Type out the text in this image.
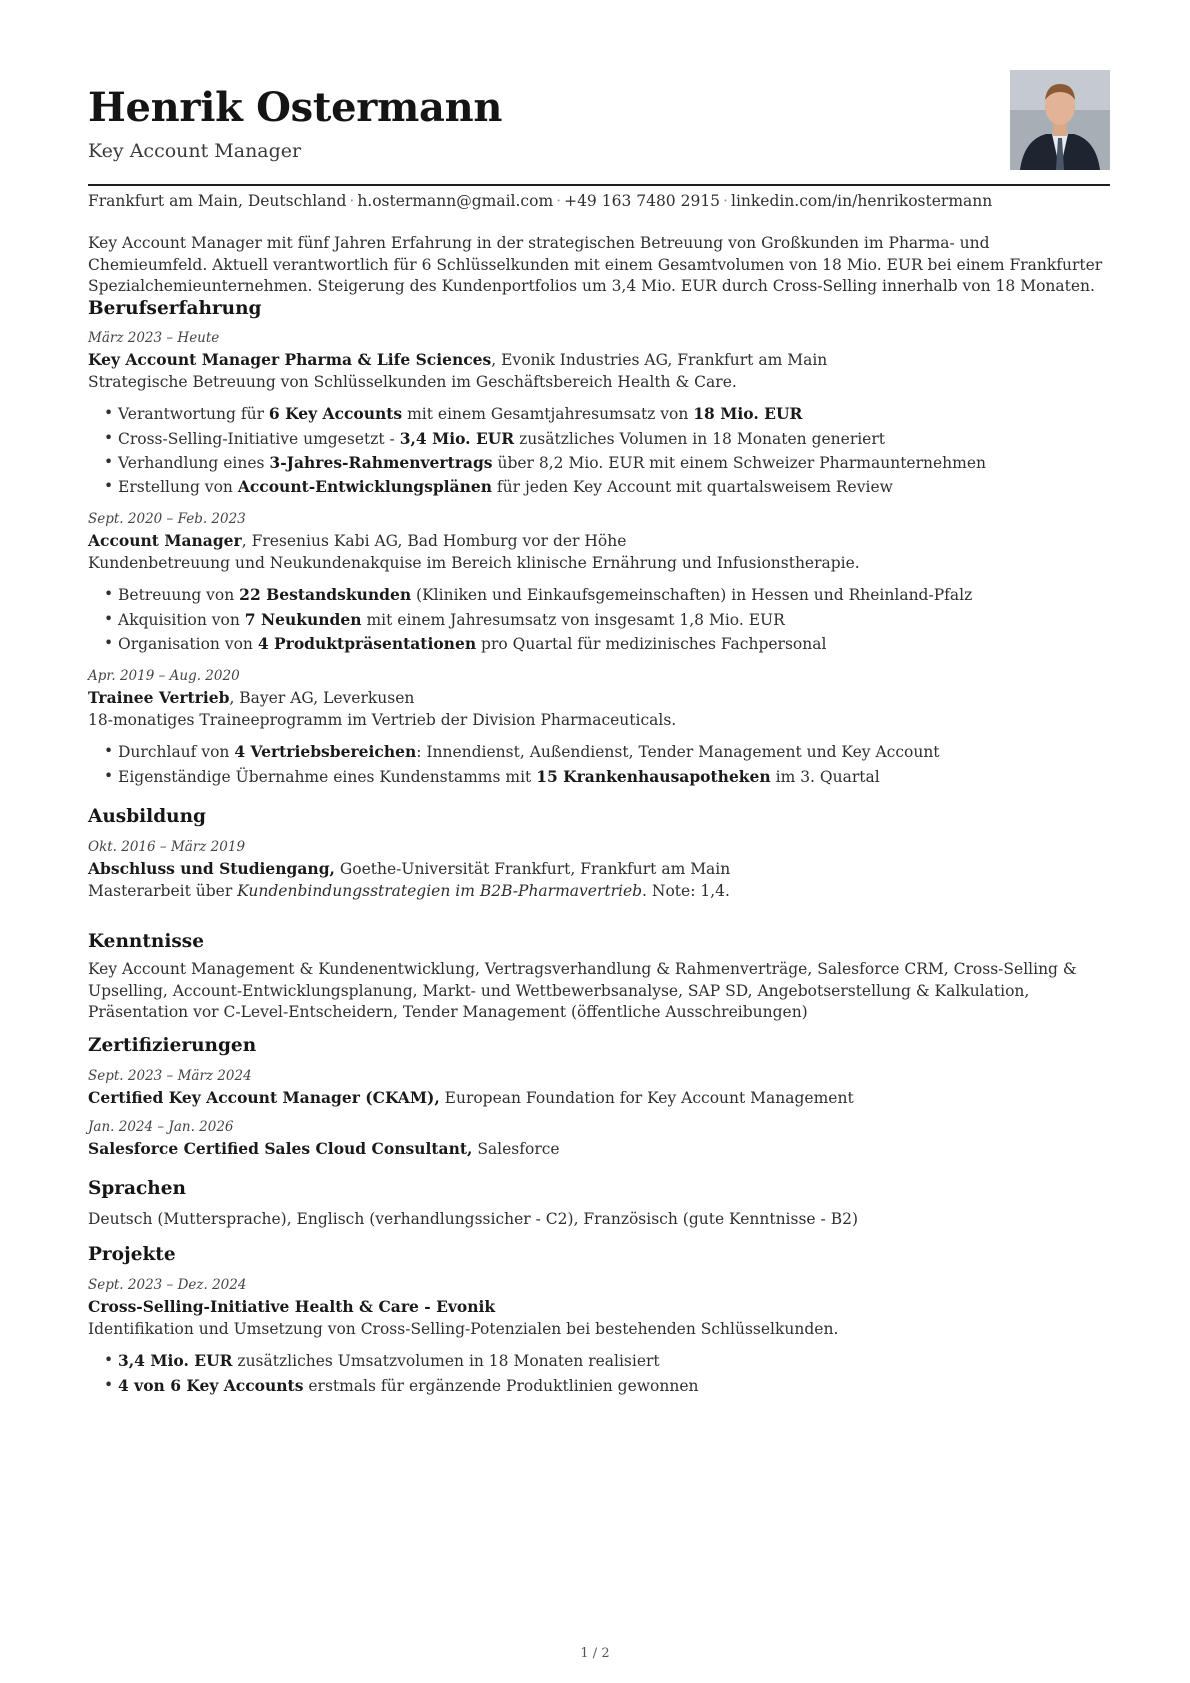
Henrik Ostermann
Key Account Manager
Frankfurt am Main, Deutschland · h.ostermann@gmail.com · +49 163 7480 2915 · linkedin.com/in/henrikostermann
Key Account Manager mit fünf Jahren Erfahrung in der strategischen Betreuung von Großkunden im Pharma- und Chemieumfeld. Aktuell verantwortlich für 6 Schlüsselkunden mit einem Gesamtvolumen von 18 Mio. EUR bei einem Frankfurter Spezialchemieunternehmen. Steigerung des Kundenportfolios um 3,4 Mio. EUR durch Cross-Selling innerhalb von 18 Monaten.
Berufserfahrung
März 2023 – Heute
Key Account Manager Pharma & Life Sciences, Evonik Industries AG, Frankfurt am Main
Strategische Betreuung von Schlüsselkunden im Geschäftsbereich Health & Care.
• Verantwortung für 6 Key Accounts mit einem Gesamtjahresumsatz von 18 Mio. EUR
• Cross-Selling-Initiative umgesetzt - 3,4 Mio. EUR zusätzliches Volumen in 18 Monaten generiert
• Verhandlung eines 3-Jahres-Rahmenvertrags über 8,2 Mio. EUR mit einem Schweizer Pharmaunternehmen
• Erstellung von Account-Entwicklungsplänen für jeden Key Account mit quartalsweisem Review
Sept. 2020 – Feb. 2023
Account Manager, Fresenius Kabi AG, Bad Homburg vor der Höhe
Kundenbetreuung und Neukundenakquise im Bereich klinische Ernährung und Infusionstherapie.
• Betreuung von 22 Bestandskunden (Kliniken und Einkaufsgemeinschaften) in Hessen und Rheinland-Pfalz
• Akquisition von 7 Neukunden mit einem Jahresumsatz von insgesamt 1,8 Mio. EUR
• Organisation von 4 Produktpräsentationen pro Quartal für medizinisches Fachpersonal
Apr. 2019 – Aug. 2020
Trainee Vertrieb, Bayer AG, Leverkusen
18-monatiges Traineeprogramm im Vertrieb der Division Pharmaceuticals.
• Durchlauf von 4 Vertriebsbereichen: Innendienst, Außendienst, Tender Management und Key Account
• Eigenständige Übernahme eines Kundenstamms mit 15 Krankenhausapotheken im 3. Quartal
Ausbildung
Okt. 2016 – März 2019
Abschluss und Studiengang, Goethe-Universität Frankfurt, Frankfurt am Main
Masterarbeit über Kundenbindungsstrategien im B2B-Pharmavertrieb. Note: 1,4.
Kenntnisse
Key Account Management & Kundenentwicklung, Vertragsverhandlung & Rahmenverträge, Salesforce CRM, Cross-Selling & Upselling, Account-Entwicklungsplanung, Markt- und Wettbewerbsanalyse, SAP SD, Angebotserstellung & Kalkulation, Präsentation vor C-Level-Entscheidern, Tender Management (öffentliche Ausschreibungen)
Zertifizierungen
Sept. 2023 – März 2024
Certified Key Account Manager (CKAM), European Foundation for Key Account Management
Jan. 2024 – Jan. 2026
Salesforce Certified Sales Cloud Consultant, Salesforce
Sprachen
Deutsch (Muttersprache), Englisch (verhandlungssicher - C2), Französisch (gute Kenntnisse - B2)
Projekte
Sept. 2023 – Dez. 2024
Cross-Selling-Initiative Health & Care - Evonik
Identifikation und Umsetzung von Cross-Selling-Potenzialen bei bestehenden Schlüsselkunden.
• 3,4 Mio. EUR zusätzliches Umsatzvolumen in 18 Monaten realisiert
• 4 von 6 Key Accounts erstmals für ergänzende Produktlinien gewonnen
1 / 2
